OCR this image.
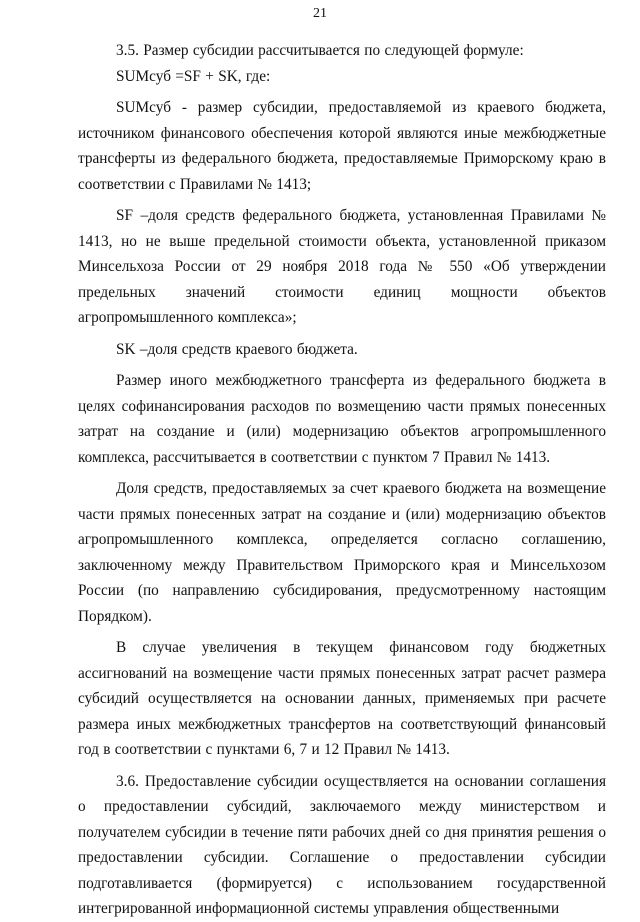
21

3.5. Размер субсидии рассчитывается по следующей формуле:

SUMсуб =SF + SK, где:

SUMсуб - размер субсидии, предоставляемой из краевого бюджета, источником финансового обеспечения которой являются иные межбюджетные трансферты из федерального бюджета, предоставляемые Приморскому краю в соответствии с Правилами № 1413;

SF –доля средств федерального бюджета, установленная Правилами № 1413, но не выше предельной стоимости объекта, установленной приказом Минсельхоза России от 29 ноября 2018 года № 550 «Об утверждении предельных значений стоимости единиц мощности объектов агропромышленного комплекса»;

SK –доля средств краевого бюджета.

Размер иного межбюджетного трансферта из федерального бюджета в целях софинансирования расходов по возмещению части прямых понесенных затрат на создание и (или) модернизацию объектов агропромышленного комплекса, рассчитывается в соответствии с пунктом 7 Правил № 1413.

Доля средств, предоставляемых за счет краевого бюджета на возмещение части прямых понесенных затрат на создание и (или) модернизацию объектов агропромышленного комплекса, определяется согласно соглашению, заключенному между Правительством Приморского края и Минсельхозом России (по направлению субсидирования, предусмотренному настоящим Порядком).

В случае увеличения в текущем финансовом году бюджетных ассигнований на возмещение части прямых понесенных затрат расчет размера субсидий осуществляется на основании данных, применяемых при расчете размера иных межбюджетных трансфертов на соответствующий финансовый год в соответствии с пунктами 6, 7 и 12 Правил № 1413.

3.6. Предоставление субсидии осуществляется на основании соглашения о предоставлении субсидий, заключаемого между министерством и получателем субсидии в течение пяти рабочих дней со дня принятия решения о предоставлении субсидии. Соглашение о предоставлении субсидии подготавливается (формируется) с использованием государственной интегрированной информационной системы управления общественными
